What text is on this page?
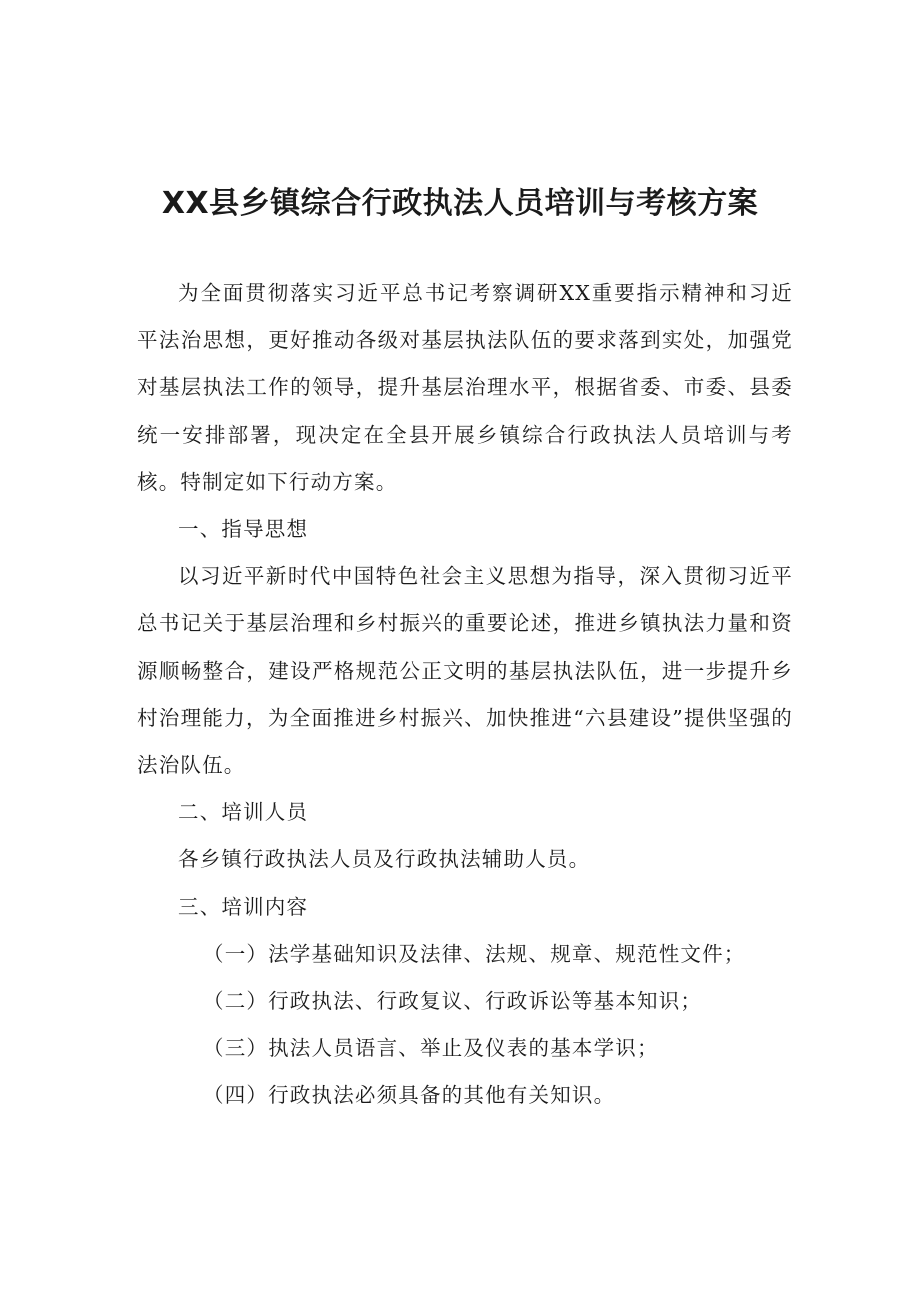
XX县乡镇综合行政执法人员培训与考核方案

为全面贯彻落实习近平总书记考察调研XX重要指示精神和习近平法治思想，更好推动各级对基层执法队伍的要求落到实处，加强党对基层执法工作的领导，提升基层治理水平，根据省委、市委、县委统一安排部署，现决定在全县开展乡镇综合行政执法人员培训与考核。特制定如下行动方案。

一、指导思想

以习近平新时代中国特色社会主义思想为指导，深入贯彻习近平总书记关于基层治理和乡村振兴的重要论述，推进乡镇执法力量和资源顺畅整合，建设严格规范公正文明的基层执法队伍，进一步提升乡村治理能力，为全面推进乡村振兴、加快推进“六县建设”提供坚强的法治队伍。

二、培训人员

各乡镇行政执法人员及行政执法辅助人员。

三、培训内容

（一）法学基础知识及法律、法规、规章、规范性文件；

（二）行政执法、行政复议、行政诉讼等基本知识；

（三）执法人员语言、举止及仪表的基本学识；

（四）行政执法必须具备的其他有关知识。
